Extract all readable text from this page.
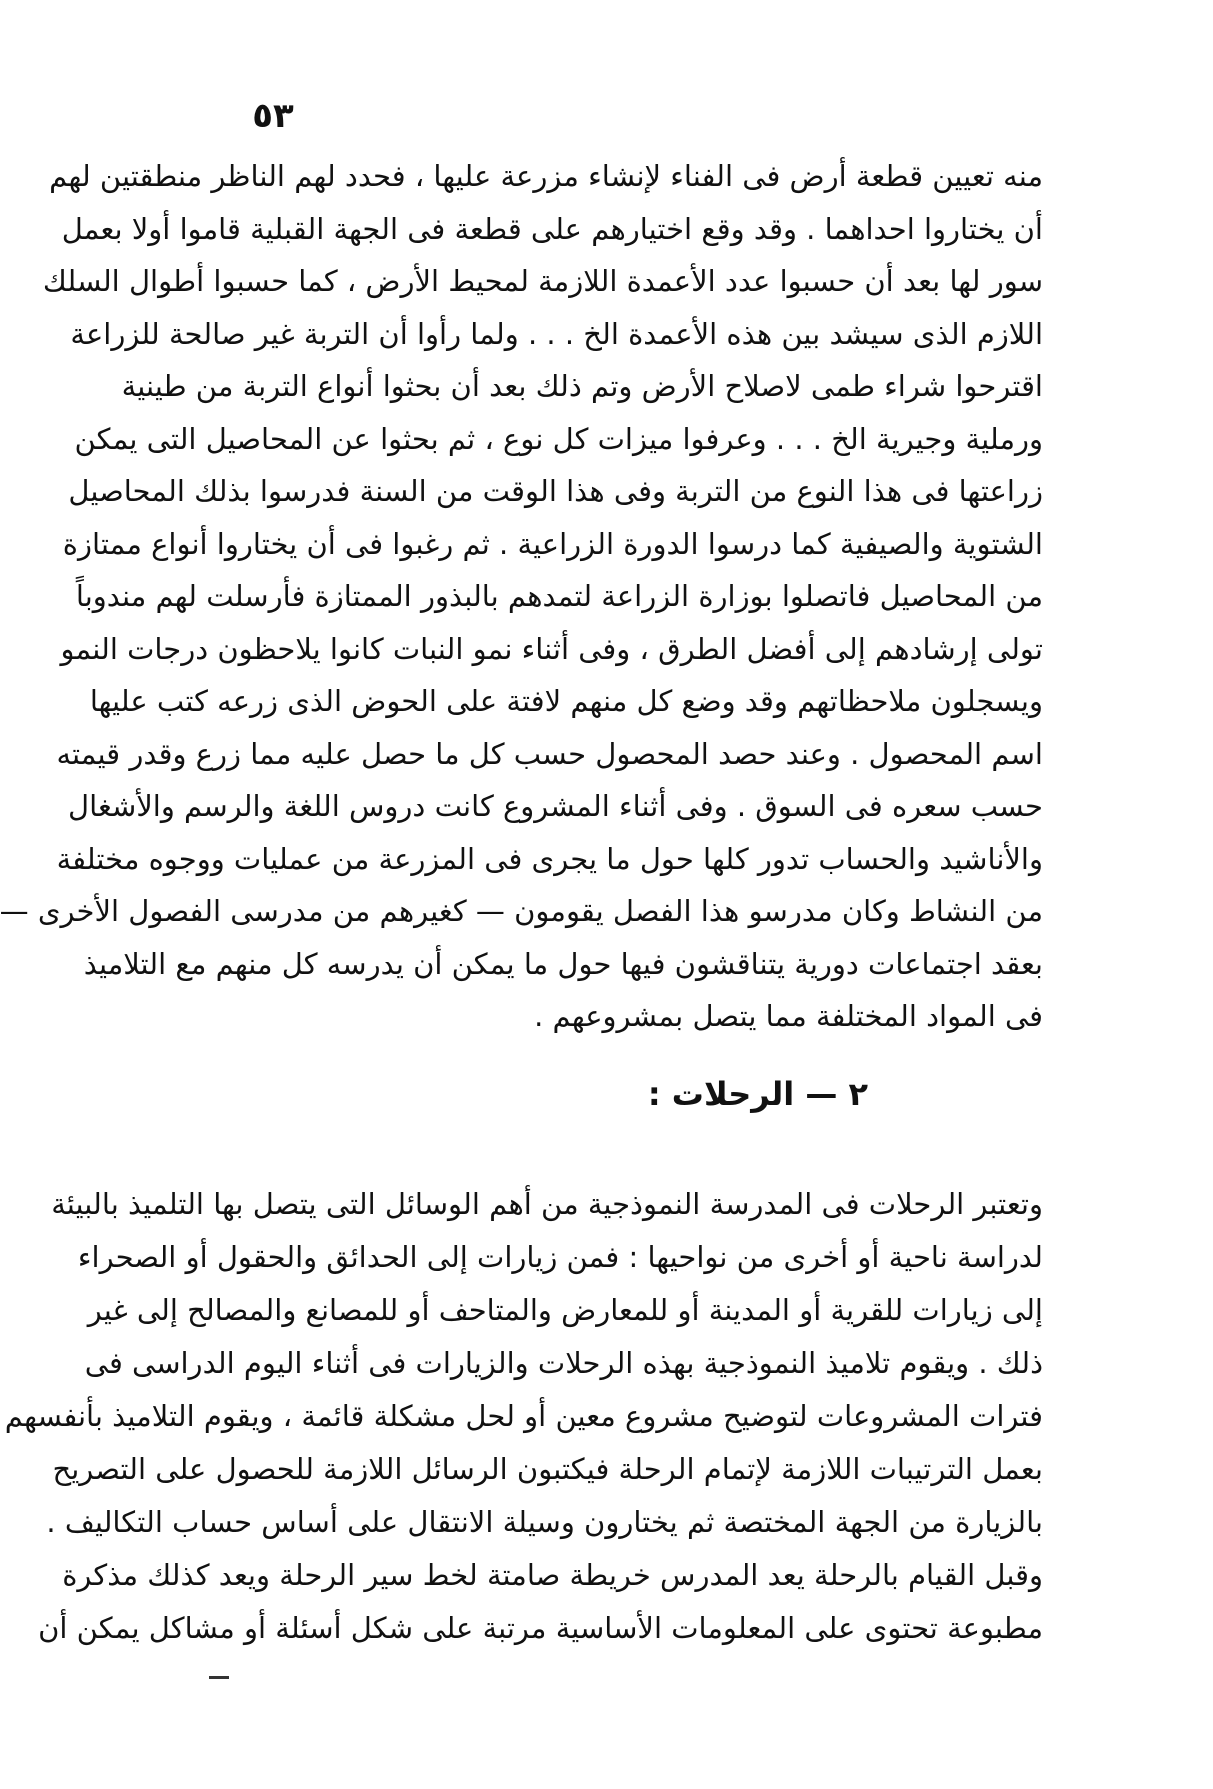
٥٣
منه تعيين قطعة أرض فى الفناء لإنشاء مزرعة عليها ، فحدد لهم الناظر منطقتين لهم
أن يختاروا احداهما . وقد وقع اختيارهم على قطعة فى الجهة القبلية قاموا أولا بعمل
سور لها بعد أن حسبوا عدد الأعمدة اللازمة لمحيط الأرض ، كما حسبوا أطوال السلك
اللازم الذى سيشد بين هذه الأعمدة الخ . . . ولما رأوا أن التربة غير صالحة للزراعة
اقترحوا شراء طمى لاصلاح الأرض وتم ذلك بعد أن بحثوا أنواع التربة من طينية
ورملية وجيرية الخ . . . وعرفوا ميزات كل نوع ، ثم بحثوا عن المحاصيل التى يمكن
زراعتها فى هذا النوع من التربة وفى هذا الوقت من السنة فدرسوا بذلك المحاصيل
الشتوية والصيفية كما درسوا الدورة الزراعية . ثم رغبوا فى أن يختاروا أنواع ممتازة
من المحاصيل فاتصلوا بوزارة الزراعة لتمدهم بالبذور الممتازة فأرسلت لهم مندوباً
تولى إرشادهم إلى أفضل الطرق ، وفى أثناء نمو النبات كانوا يلاحظون درجات النمو
ويسجلون ملاحظاتهم وقد وضع كل منهم لافتة على الحوض الذى زرعه كتب عليها
اسم المحصول . وعند حصد المحصول حسب كل ما حصل عليه مما زرع وقدر قيمته
حسب سعره فى السوق . وفى أثناء المشروع كانت دروس اللغة والرسم والأشغال
والأناشيد والحساب تدور كلها حول ما يجرى فى المزرعة من عمليات ووجوه مختلفة
من النشاط وكان مدرسو هذا الفصل يقومون — كغيرهم من مدرسى الفصول الأخرى —
بعقد اجتماعات دورية يتناقشون فيها حول ما يمكن أن يدرسه كل منهم مع التلاميذ
فى المواد المختلفة مما يتصل بمشروعهم .
٢ — الرحلات :
وتعتبر الرحلات فى المدرسة النموذجية من أهم الوسائل التى يتصل بها التلميذ بالبيئة
لدراسة ناحية أو أخرى من نواحيها : فمن زيارات إلى الحدائق والحقول أو الصحراء
إلى زيارات للقرية أو المدينة أو للمعارض والمتاحف أو للمصانع والمصالح إلى غير
ذلك . ويقوم تلاميذ النموذجية بهذه الرحلات والزيارات فى أثناء اليوم الدراسى فى
فترات المشروعات لتوضيح مشروع معين أو لحل مشكلة قائمة ، ويقوم التلاميذ بأنفسهم
بعمل الترتيبات اللازمة لإتمام الرحلة فيكتبون الرسائل اللازمة للحصول على التصريح
بالزيارة من الجهة المختصة ثم يختارون وسيلة الانتقال على أساس حساب التكاليف .
وقبل القيام بالرحلة يعد المدرس خريطة صامتة لخط سير الرحلة ويعد كذلك مذكرة
مطبوعة تحتوى على المعلومات الأساسية مرتبة على شكل أسئلة أو مشاكل يمكن أن
